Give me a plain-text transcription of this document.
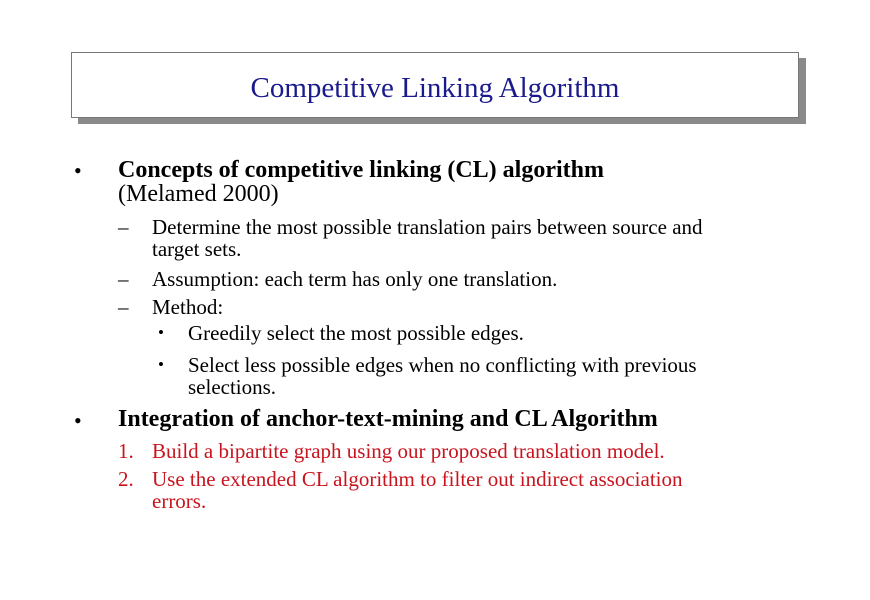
Competitive Linking Algorithm
• Concepts of competitive linking (CL) algorithm
(Melamed 2000)
– Determine the most possible translation pairs between source and
target sets.
– Assumption: each term has only one translation.
– Method:
• Greedily select the most possible edges.
• Select less possible edges when no conflicting with previous
selections.
• Integration of anchor-text-mining and CL Algorithm
1. Build a bipartite graph using our proposed translation model.
2. Use the extended CL algorithm to filter out indirect association
errors.
